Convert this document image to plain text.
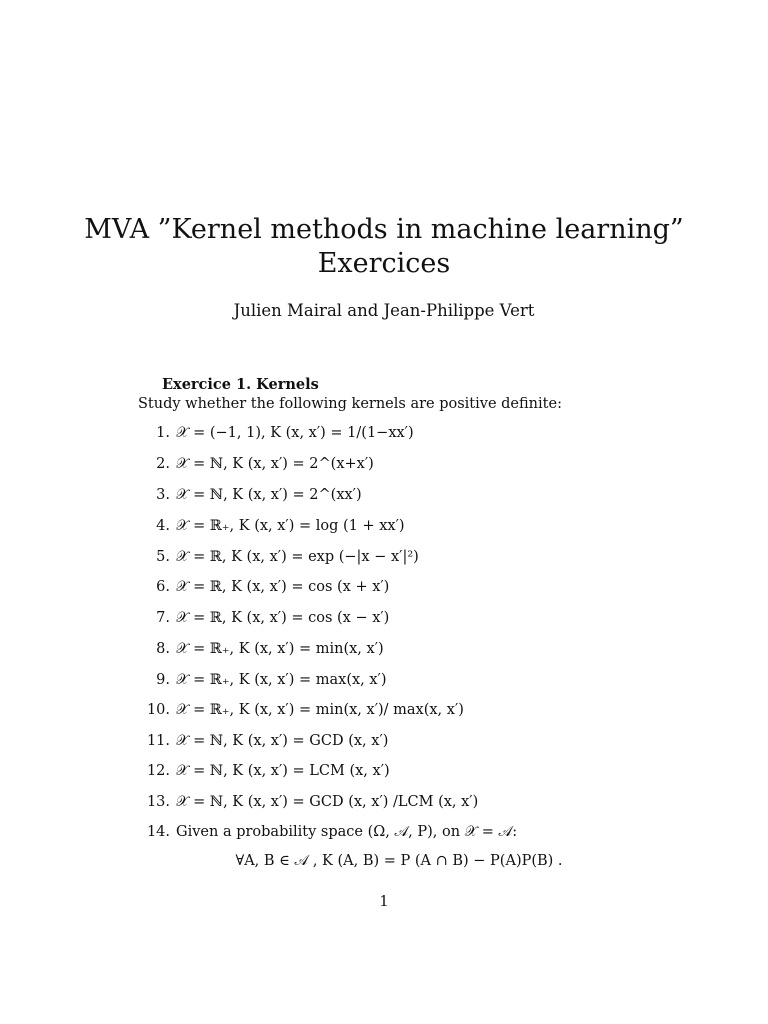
MVA ”Kernel methods in machine learning”
Exercices
Julien Mairal and Jean-Philippe Vert
Exercice 1. Kernels
Study whether the following kernels are positive definite:
1. 𝒳 = (−1, 1), K (x, x′) = 1/(1−xx′)
2. 𝒳 = ℕ, K (x, x′) = 2^(x+x′)
3. 𝒳 = ℕ, K (x, x′) = 2^(xx′)
4. 𝒳 = ℝ₊, K (x, x′) = log (1 + xx′)
5. 𝒳 = ℝ, K (x, x′) = exp (−|x − x′|²)
6. 𝒳 = ℝ, K (x, x′) = cos (x + x′)
7. 𝒳 = ℝ, K (x, x′) = cos (x − x′)
8. 𝒳 = ℝ₊, K (x, x′) = min(x, x′)
9. 𝒳 = ℝ₊, K (x, x′) = max(x, x′)
10. 𝒳 = ℝ₊, K (x, x′) = min(x, x′)/ max(x, x′)
11. 𝒳 = ℕ, K (x, x′) = GCD (x, x′)
12. 𝒳 = ℕ, K (x, x′) = LCM (x, x′)
13. 𝒳 = ℕ, K (x, x′) = GCD (x, x′) /LCM (x, x′)
14. Given a probability space (Ω, 𝒜, P), on 𝒳 = 𝒜:
∀A, B ∈ 𝒜 , K (A, B) = P (A ∩ B) − P(A)P(B) .
1
